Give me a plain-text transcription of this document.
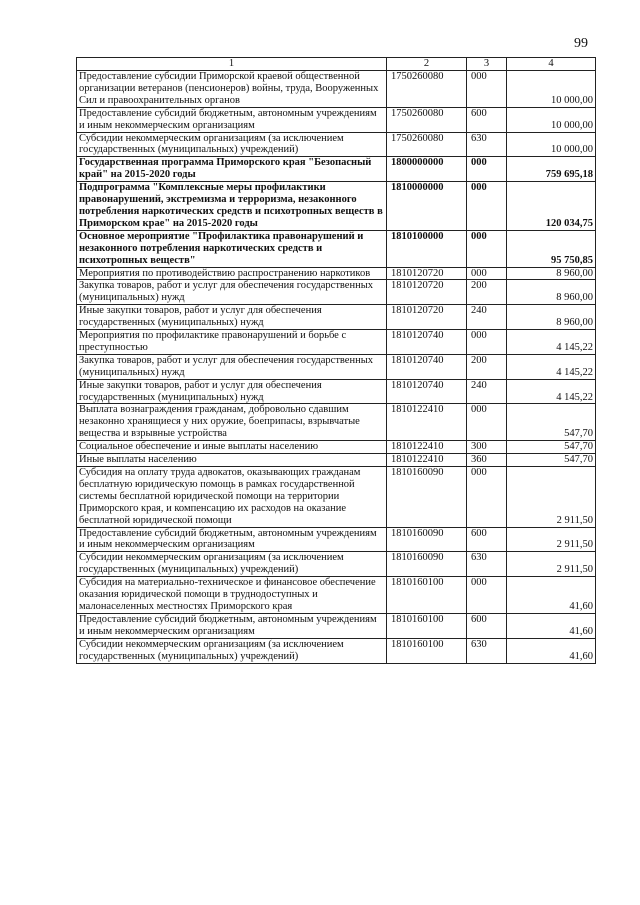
99
1	2	3	4
Предоставление субсидии Приморской краевой общественной организации ветеранов (пенсионеров) войны, труда, Вооруженных Сил и правоохранительных органов	1750260080	000	10 000,00
Предоставление субсидий бюджетным, автономным учреждениям и иным некоммерческим организациям	1750260080	600	10 000,00
Субсидии некоммерческим организациям (за исключением государственных (муниципальных) учреждений)	1750260080	630	10 000,00
Государственная программа Приморского края "Безопасный край" на 2015-2020 годы	1800000000	000	759 695,18
Подпрограмма "Комплексные меры профилактики правонарушений, экстремизма и терроризма, незаконного потребления наркотических средств и психотропных веществ в Приморском крае" на 2015-2020 годы	1810000000	000	120 034,75
Основное мероприятие "Профилактика правонарушений и незаконного потребления наркотических средств и психотропных веществ"	1810100000	000	95 750,85
Мероприятия по противодействию распространению наркотиков	1810120720	000	8 960,00
Закупка товаров, работ и услуг для обеспечения государственных (муниципальных) нужд	1810120720	200	8 960,00
Иные закупки товаров, работ и услуг для обеспечения государственных (муниципальных) нужд	1810120720	240	8 960,00
Мероприятия по профилактике правонарушений и борьбе с преступностью	1810120740	000	4 145,22
Закупка товаров, работ и услуг для обеспечения государственных (муниципальных) нужд	1810120740	200	4 145,22
Иные закупки товаров, работ и услуг для обеспечения государственных (муниципальных) нужд	1810120740	240	4 145,22
Выплата вознаграждения гражданам, добровольно сдавшим незаконно хранящиеся у них оружие, боеприпасы, взрывчатые вещества и взрывные устройства	1810122410	000	547,70
Социальное обеспечение и иные выплаты населению	1810122410	300	547,70
Иные выплаты населению	1810122410	360	547,70
Субсидия на оплату труда адвокатов, оказывающих гражданам бесплатную юридическую помощь в рамках государственной системы бесплатной юридической помощи на территории Приморского края, и компенсацию их расходов на оказание бесплатной юридической помощи	1810160090	000	2 911,50
Предоставление субсидий бюджетным, автономным учреждениям и иным некоммерческим организациям	1810160090	600	2 911,50
Субсидии некоммерческим организациям (за исключением государственных (муниципальных) учреждений)	1810160090	630	2 911,50
Субсидия на материально-техническое и финансовое обеспечение оказания юридической помощи в труднодоступных и малонаселенных местностях Приморского края	1810160100	000	41,60
Предоставление субсидий бюджетным, автономным учреждениям и иным некоммерческим организациям	1810160100	600	41,60
Субсидии некоммерческим организациям (за исключением государственных (муниципальных) учреждений)	1810160100	630	41,60
